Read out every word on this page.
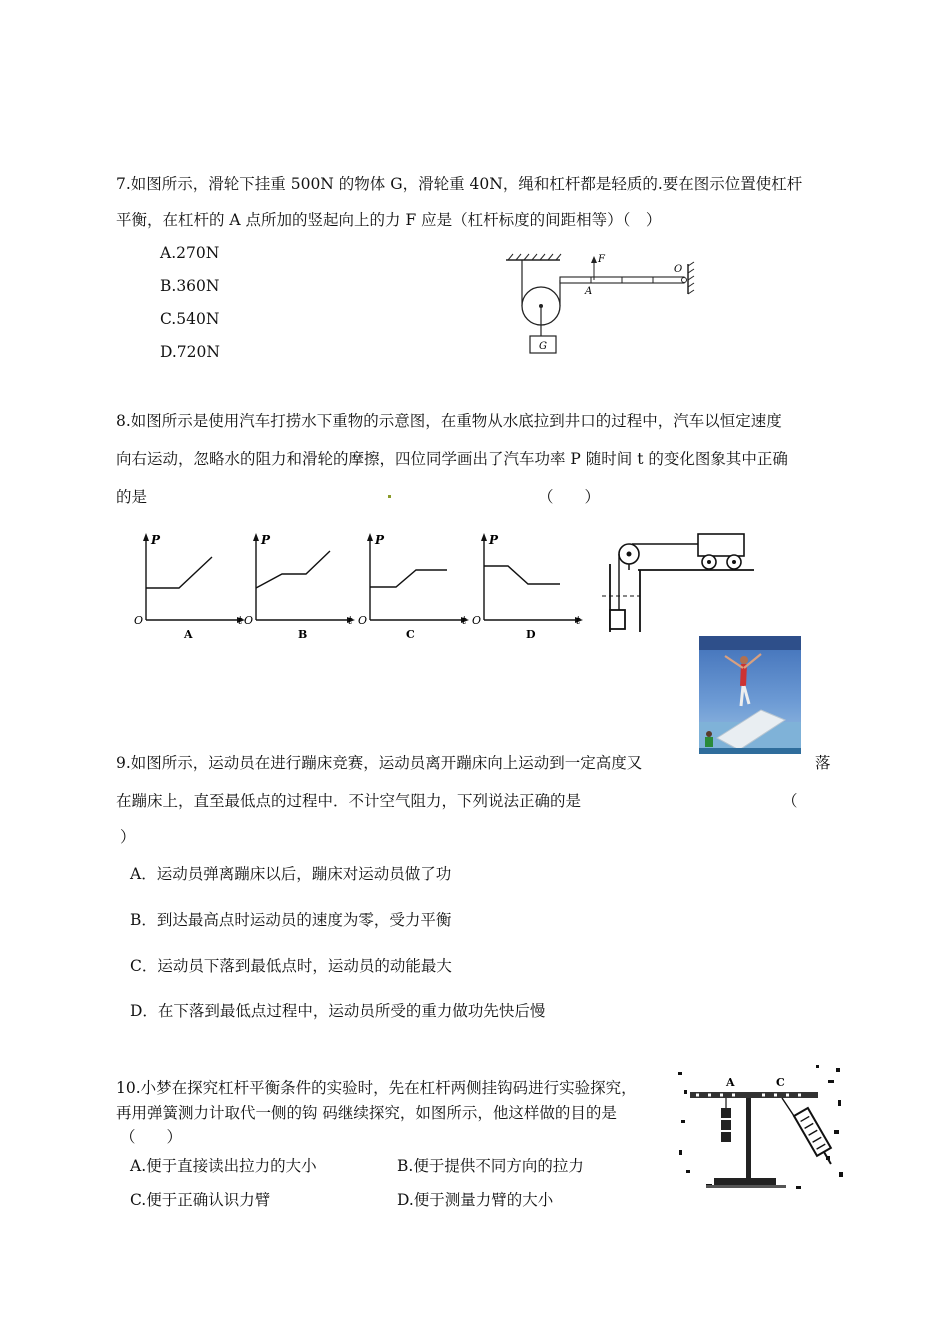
7.如图所示，滑轮下挂重 500N 的物体 G，滑轮重 40N，绳和杠杆都是轻质的.要在图示位置使杠杆
平衡，在杠杆的 A 点所加的竖起向上的力 F 应是（杠杆标度的间距相等）（　）
A.270N
B.360N
C.540N
D.720N	G
F
A
O
8.如图所示是使用汽车打捞水下重物的示意图，在重物从水底拉到井口的过程中，汽车以恒定速度
向右运动，忽略水的阻力和滑轮的摩擦，四位同学画出了汽车功率 P 随时间 t 的变化图象其中正确
的是	（　　）
P
O	t
A
P
O	t
B
P
O	t
C
P
O	t
D
9.如图所示，运动员在进行蹦床竞赛，运动员离开蹦床向上运动到一定高度又	落
在蹦床上，直至最低点的过程中．不计空气阻力，下列说法正确的是	（
）
A．运动员弹离蹦床以后，蹦床对运动员做了功
B．到达最高点时运动员的速度为零，受力平衡
C．运动员下落到最低点时，运动员的动能最大
D．在下落到最低点过程中，运动员所受的重力做功先快后慢
10.小梦在探究杠杆平衡条件的实验时，先在杠杆两侧挂钩码进行实验探究，
再用弹簧测力计取代一侧的钩 码继续探究，如图所示，他这样做的目的是
（　　）
A.便于直接读出拉力的大小	B.便于提供不同方向的拉力
C.便于正确认识力臂	D.便于测量力臂的大小
A	C
